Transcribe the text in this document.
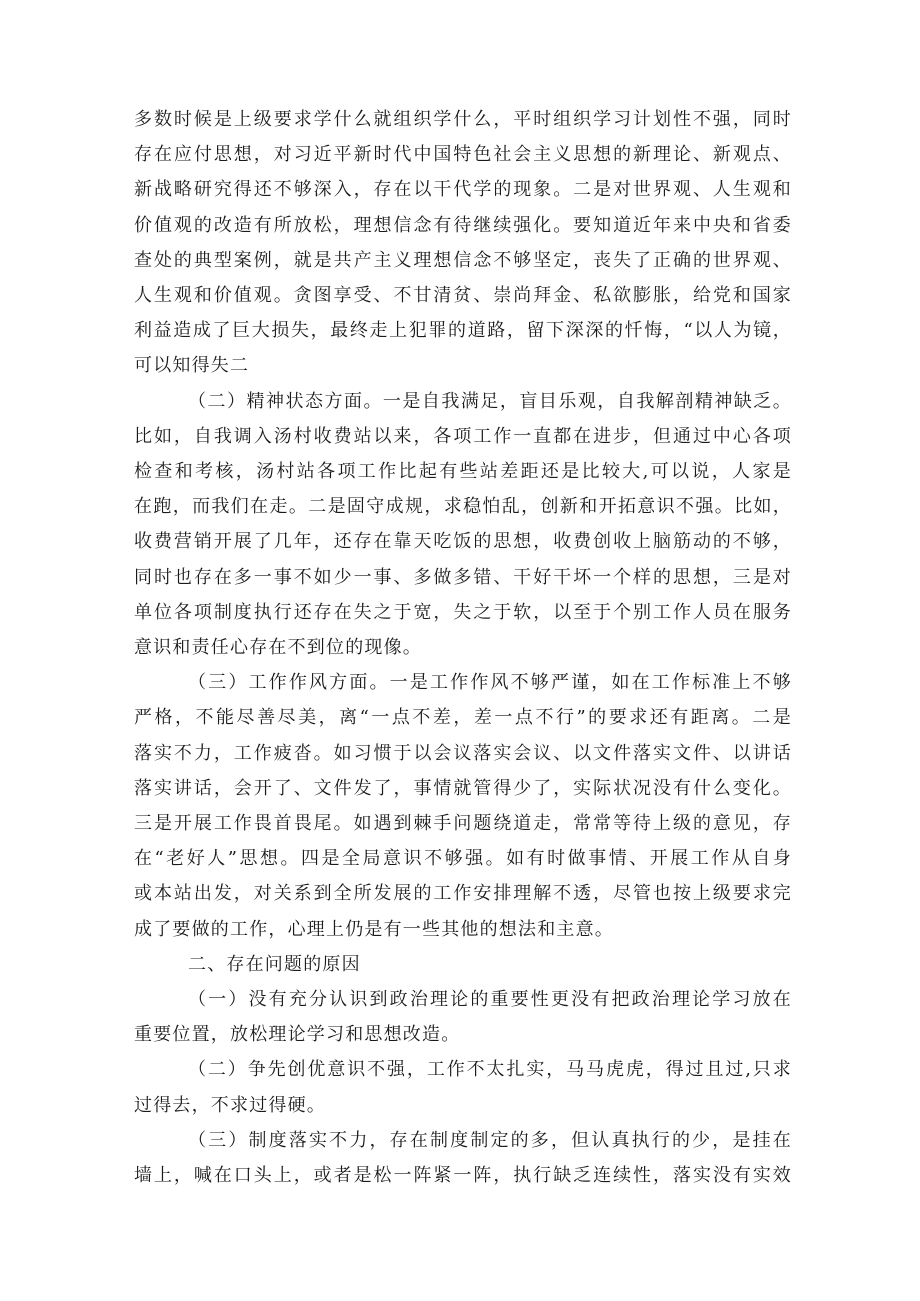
多数时候是上级要求学什么就组织学什么，平时组织学习计划性不强，同时
存在应付思想，对习近平新时代中国特色社会主义思想的新理论、新观点、
新战略研究得还不够深入，存在以干代学的现象。二是对世界观、人生观和
价值观的改造有所放松，理想信念有待继续强化。要知道近年来中央和省委
查处的典型案例，就是共产主义理想信念不够坚定，丧失了正确的世界观、
人生观和价值观。贪图享受、不甘清贫、崇尚拜金、私欲膨胀，给党和国家
利益造成了巨大损失，最终走上犯罪的道路，留下深深的忏悔，“以人为镜，
可以知得失二

（二）精神状态方面。一是自我满足，盲目乐观，自我解剖精神缺乏。
比如，自我调入汤村收费站以来，各项工作一直都在进步，但通过中心各项
检查和考核，汤村站各项工作比起有些站差距还是比较大,可以说，人家是
在跑，而我们在走。二是固守成规，求稳怕乱，创新和开拓意识不强。比如，
收费营销开展了几年，还存在靠天吃饭的思想，收费创收上脑筋动的不够，
同时也存在多一事不如少一事、多做多错、干好干坏一个样的思想，三是对
单位各项制度执行还存在失之于宽，失之于软，以至于个别工作人员在服务
意识和责任心存在不到位的现像。

（三）工作作风方面。一是工作作风不够严谨，如在工作标准上不够
严格，不能尽善尽美，离“一点不差，差一点不行”的要求还有距离。二是
落实不力，工作疲沓。如习惯于以会议落实会议、以文件落实文件、以讲话
落实讲话，会开了、文件发了，事情就管得少了，实际状况没有什么变化。
三是开展工作畏首畏尾。如遇到棘手问题绕道走，常常等待上级的意见，存
在“老好人”思想。四是全局意识不够强。如有时做事情、开展工作从自身
或本站出发，对关系到全所发展的工作安排理解不透，尽管也按上级要求完
成了要做的工作，心理上仍是有一些其他的想法和主意。

二、存在问题的原因

（一）没有充分认识到政治理论的重要性更没有把政治理论学习放在
重要位置，放松理论学习和思想改造。

（二）争先创优意识不强，工作不太扎实，马马虎虎，得过且过,只求
过得去，不求过得硬。

（三）制度落实不力，存在制度制定的多，但认真执行的少，是挂在
墙上，喊在口头上，或者是松一阵紧一阵，执行缺乏连续性，落实没有实效
